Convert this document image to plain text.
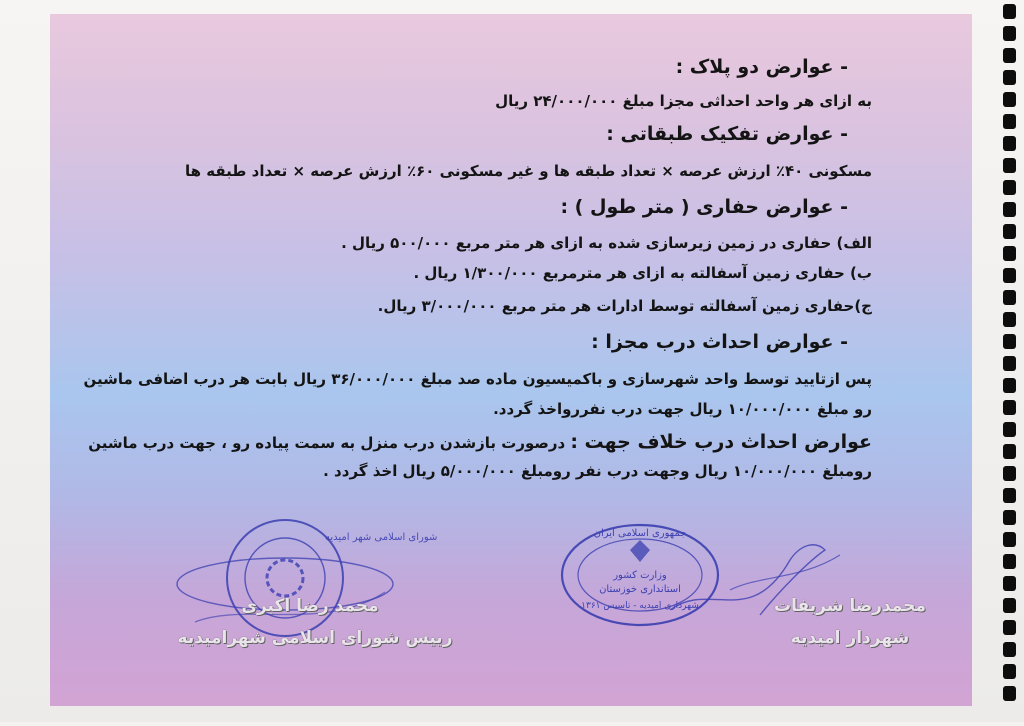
- عوارض دو پلاک :
به ازای هر واحد احداثی مجزا مبلغ ۲۴/۰۰۰/۰۰۰ ریال
- عوارض تفکیک طبقاتی :
مسکونی ۴۰٪ ارزش عرصه × تعداد طبقه ها و غیر مسکونی ۶۰٪ ارزش عرصه × تعداد طبقه ها
- عوارض حفاری ( متر طول ) :
الف) حفاری در زمین زیرسازی شده به ازای هر متر مربع ۵۰۰/۰۰۰ ریال .
ب) حفاری زمین آسفالته به ازای هر مترمربع ۱/۳۰۰/۰۰۰ ریال .
ج)حفاری زمین آسفالته توسط ادارات هر متر مربع ۳/۰۰۰/۰۰۰ ریال.
- عوارض احداث درب مجزا :
پس ازتایید توسط واحد شهرسازی و باکمیسیون ماده صد مبلغ ۳۶/۰۰۰/۰۰۰ ریال بابت هر درب اضافی ماشین
رو مبلغ ۱۰/۰۰۰/۰۰۰ ریال جهت درب نفررواخذ گردد.
عوارض احداث درب خلاف جهت : درصورت بازشدن درب منزل به سمت پیاده رو ، جهت درب ماشین
رومبلغ ۱۰/۰۰۰/۰۰۰ ریال وجهت درب نفر رومبلغ ۵/۰۰۰/۰۰۰ ریال اخذ گردد .
شورای اسلامی شهر امیدیه	جمهوری اسلامی ایران
وزارت کشور
استانداری خوزستان
شهرداری امیدیه - تاسیس ۱۳۶۱
محمد رضا اکبری
رییس شورای اسلامی شهرامیدیه
محمدرضا شریفات
شهردار امیدیه
